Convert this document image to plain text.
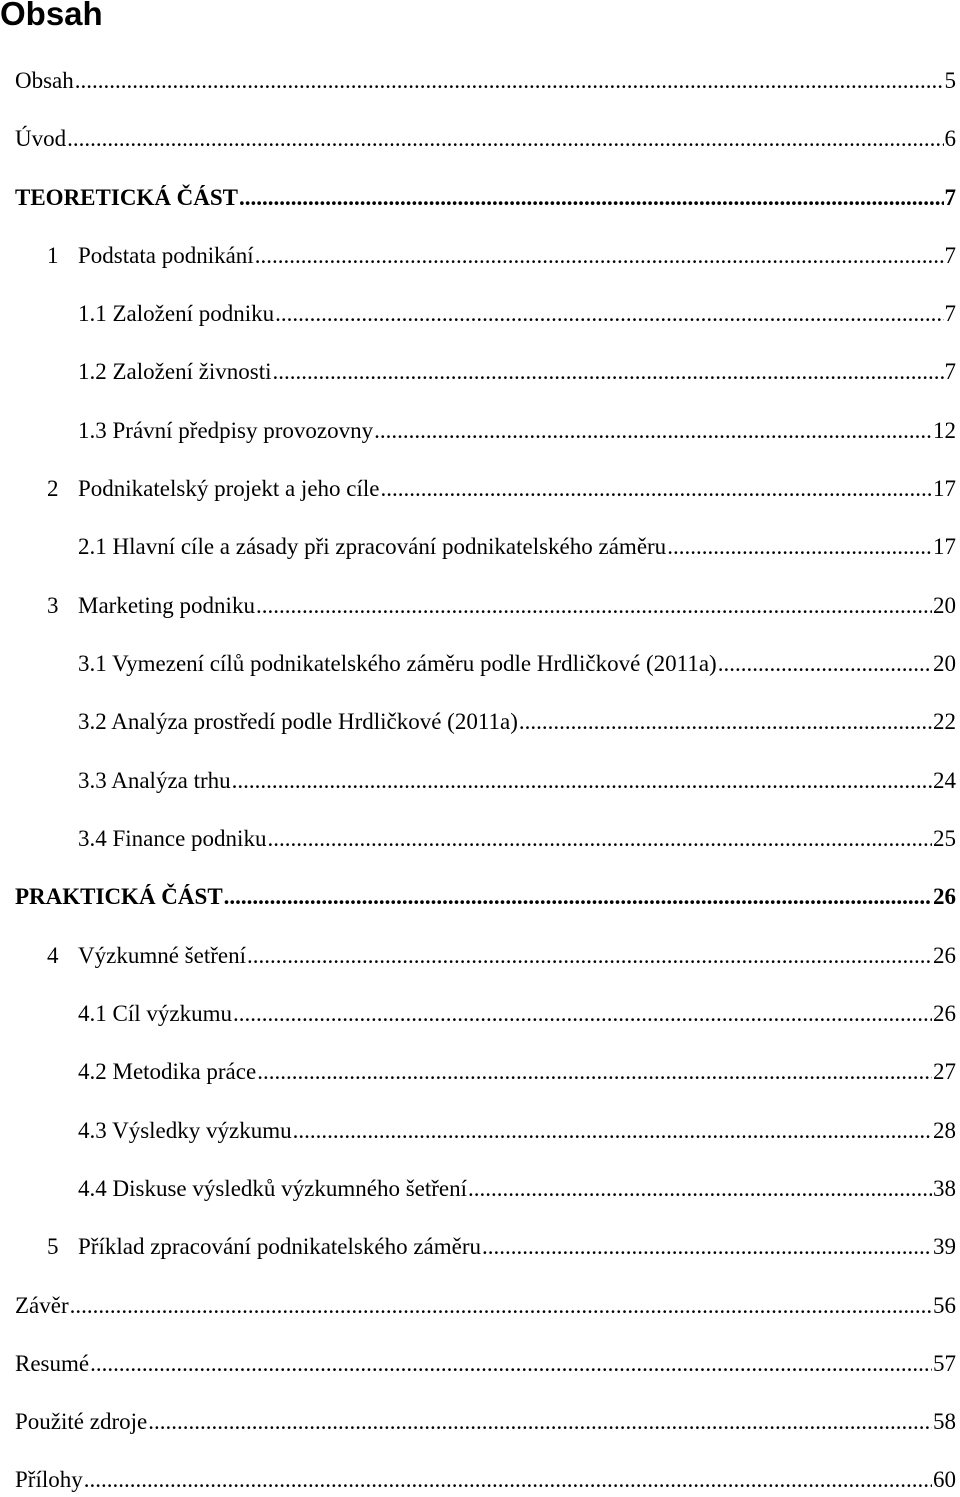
Obsah
Obsah .....	5
Úvod .....	6
TEORETICKÁ ČÁST .....	7
1 Podstata podnikání .....	7
1.1 Založení podniku .....	7
1.2 Založení živnosti .....	7
1.3 Právní předpisy provozovny .....	12
2 Podnikatelský projekt a jeho cíle .....	17
2.1 Hlavní cíle a zásady při zpracování podnikatelského záměru .....	17
3 Marketing podniku .....	20
3.1 Vymezení cílů podnikatelského záměru podle Hrdličkové (2011a) .....	20
3.2 Analýza prostředí podle Hrdličkové (2011a) .....	22
3.3 Analýza trhu .....	24
3.4 Finance podniku .....	25
PRAKTICKÁ ČÁST .....	26
4 Výzkumné šetření .....	26
4.1 Cíl výzkumu .....	26
4.2 Metodika práce .....	27
4.3 Výsledky výzkumu .....	28
4.4 Diskuse výsledků výzkumného šetření .....	38
5 Příklad zpracování podnikatelského záměru .....	39
Závěr .....	56
Resumé .....	57
Použité zdroje .....	58
Přílohy .....	60
